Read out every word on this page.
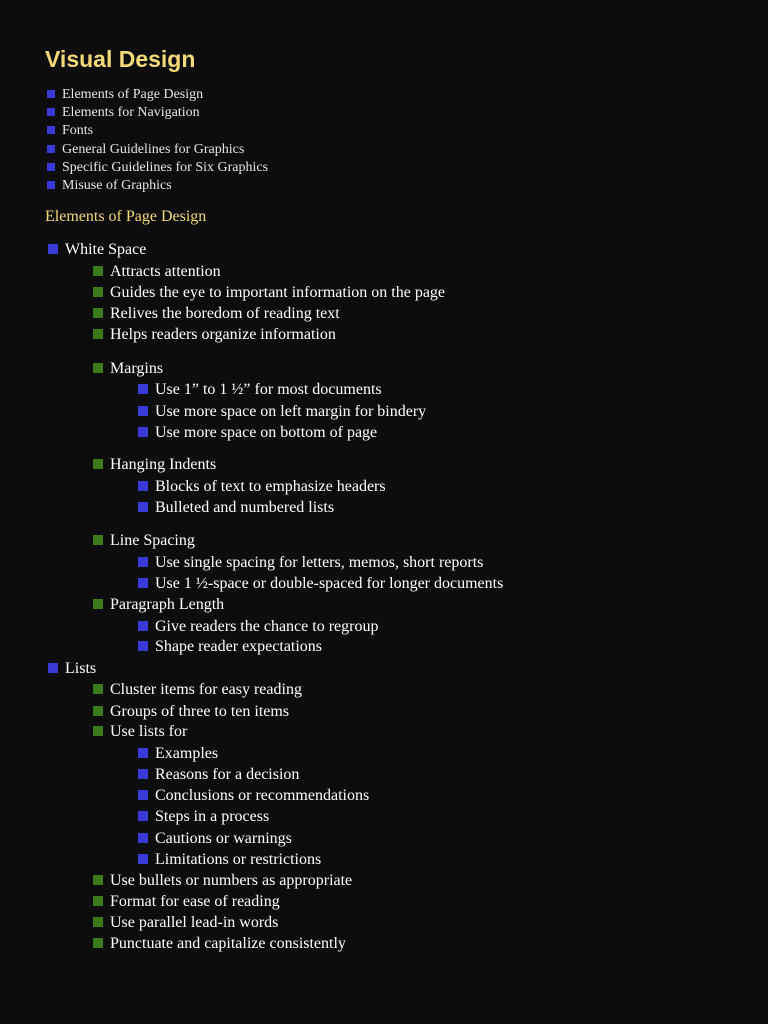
Visual Design
Elements of Page Design
Elements for Navigation
Fonts
General Guidelines for Graphics
Specific Guidelines for Six Graphics
Misuse of Graphics
Elements of Page Design
White Space
Attracts attention
Guides the eye to important information on the page
Relives the boredom of reading text
Helps readers organize information
Margins
Use 1” to 1 ½” for most documents
Use more space on left margin for bindery
Use more space on bottom of page
Hanging Indents
Blocks of text to emphasize headers
Bulleted and numbered lists
Line Spacing
Use single spacing for letters, memos, short reports
Use 1 ½-space or double-spaced for longer documents
Paragraph Length
Give readers the chance to regroup
Shape reader expectations
Lists
Cluster items for easy reading
Groups of three to ten items
Use lists for
Examples
Reasons for a decision
Conclusions or recommendations
Steps in a process
Cautions or warnings
Limitations or restrictions
Use bullets or numbers as appropriate
Format for ease of reading
Use parallel lead-in words
Punctuate and capitalize consistently
